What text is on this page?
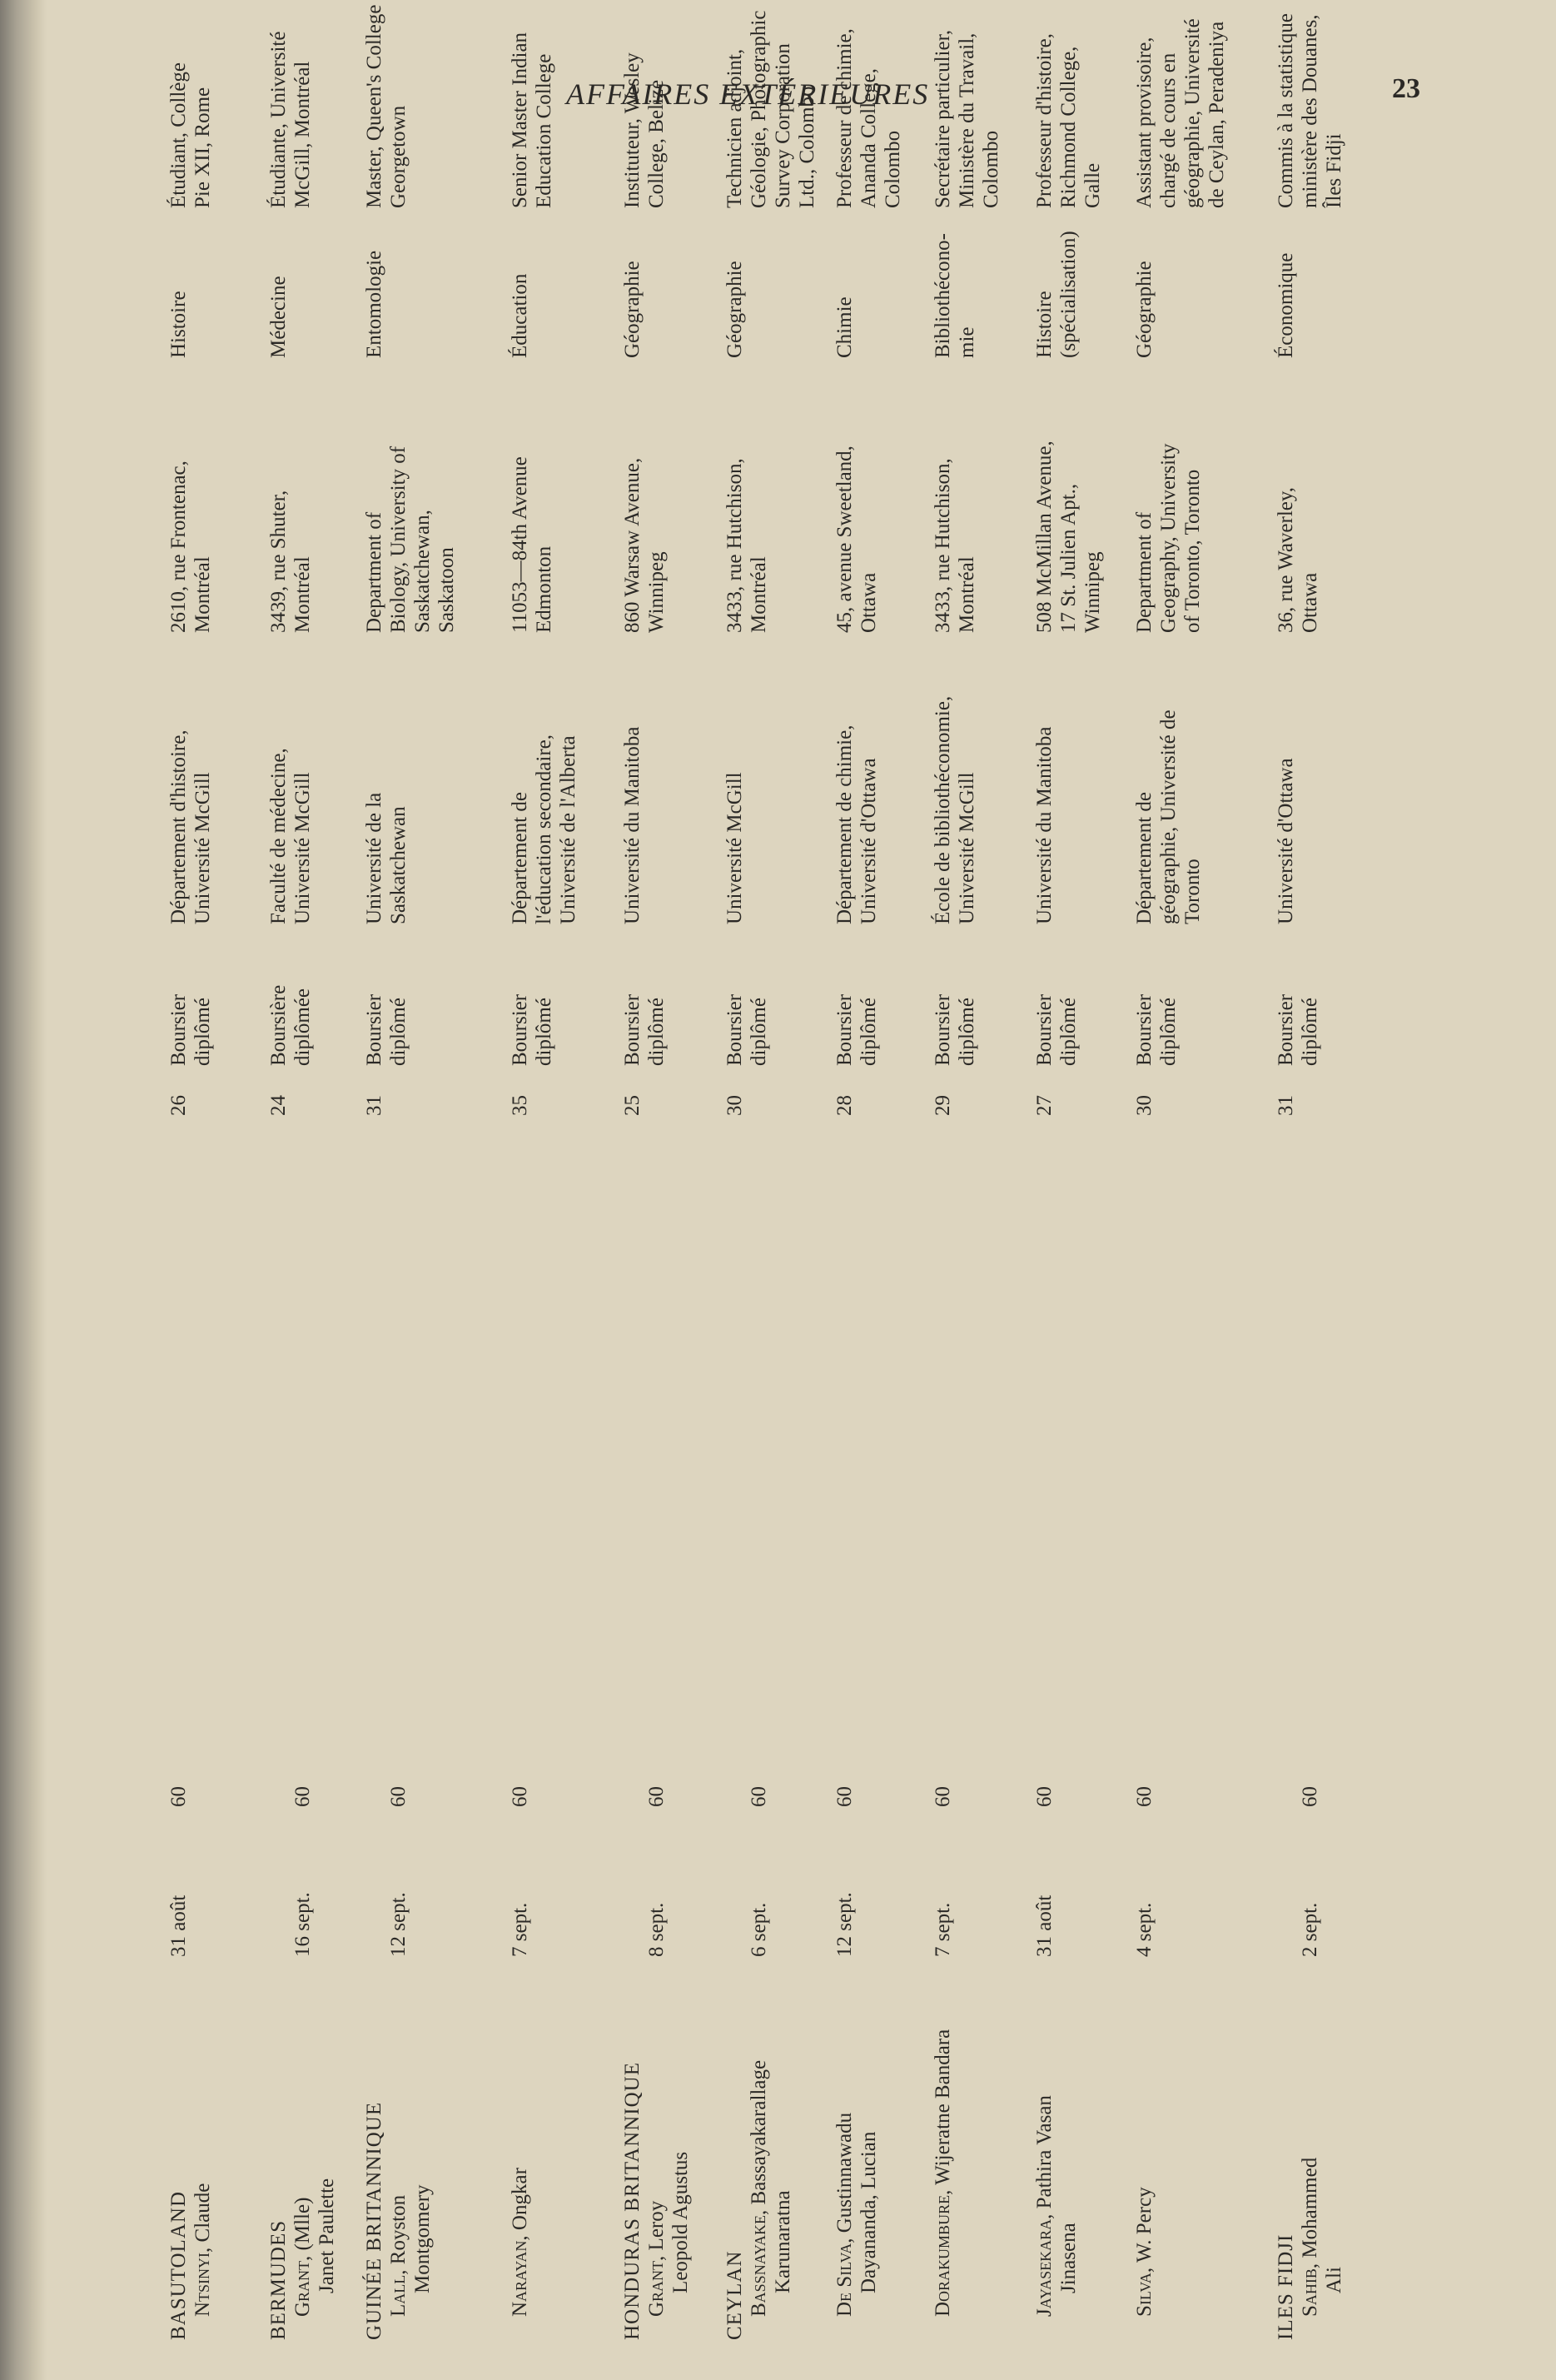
AFFAIRES EXTÉRIEURES	23
BASUTOLAND Ntsinyi, Claude
31 août
60
26
Boursier diplômé
Département d'histoire, Université McGill
2610, rue Frontenac, Montréal
Histoire
Étudiant, Collège Pie XII, Rome
BERMUDES Grant, (Mlle) Janet Paulette
16 sept.
60
24
Boursière diplômée
Faculté de médecine, Université McGill
3439, rue Shuter, Montréal
Médecine
Étudiante, Université McGill, Montréal
GUINÉE BRITANNIQUE Lall, Royston Montgomery
12 sept.
60
31
Boursier diplômé
Université de la Saskatchewan
Department of Biology, University of Saskatchewan, Saskatoon
Entomologie
Master, Queen's College Georgetown
Narayan, Ongkar
7 sept.
60
35
Boursier diplômé
Département de l'éducation secondaire, Université de l'Alberta
11053—84th Avenue Edmonton
Éducation
Senior Master Indian Education College
HONDURAS BRITANNIQUE Grant, Leroy Leopold Agustus
8 sept.
60
25
Boursier diplômé
Université du Manitoba
860 Warsaw Avenue, Winnipeg
Géographie
Instituteur, Wesley College, Belize
CEYLAN Bassnayake, Bassayakarallage
Karunaratna
6 sept.
60
30
Boursier diplômé
Université McGill
3433, rue Hutchison, Montréal
Géographie
Technicien adjoint, Géologie, Photographic Survey Corporation Ltd., Colombo
De Silva, Gustinnawadu Dayananda, Lucian
12 sept.
60
28
Boursier diplômé
Département de chimie, Université d'Ottawa
45, avenue Sweetland, Ottawa
Chimie
Professeur de chimie, Ananda College, Colombo
Dorakumbure, Wijeratne Bandara
7 sept.
60
29
Boursier diplômé
École de bibliothéconomie, Université McGill
3433, rue Hutchison, Montréal
Bibliothécono- mie
Secrétaire particulier, Ministère du Travail, Colombo
Jayasekara, Pathira Vasan
Jinasena
31 août
60
27
Boursier diplômé
Université du Manitoba
508 McMillan Avenue, 17 St. Julien Apt., Winnipeg
Histoire (spécialisation)
Professeur d'histoire, Richmond College, Galle
Silva, W. Percy
4 sept.
60
30
Boursier diplômé
Département de géographie, Université de Toronto
Department of Geography, University of Toronto, Toronto
Géographie
Assistant provisoire, chargé de cours en géographie, Université de Ceylan, Peradeniya
ILES FIDJI Sahib, Mohammed
Ali
2 sept.
60
31
Boursier diplômé
Université d'Ottawa
36, rue Waverley, Ottawa
Économique
Commis à la statistique ministère des Douanes, Îles Fidji
